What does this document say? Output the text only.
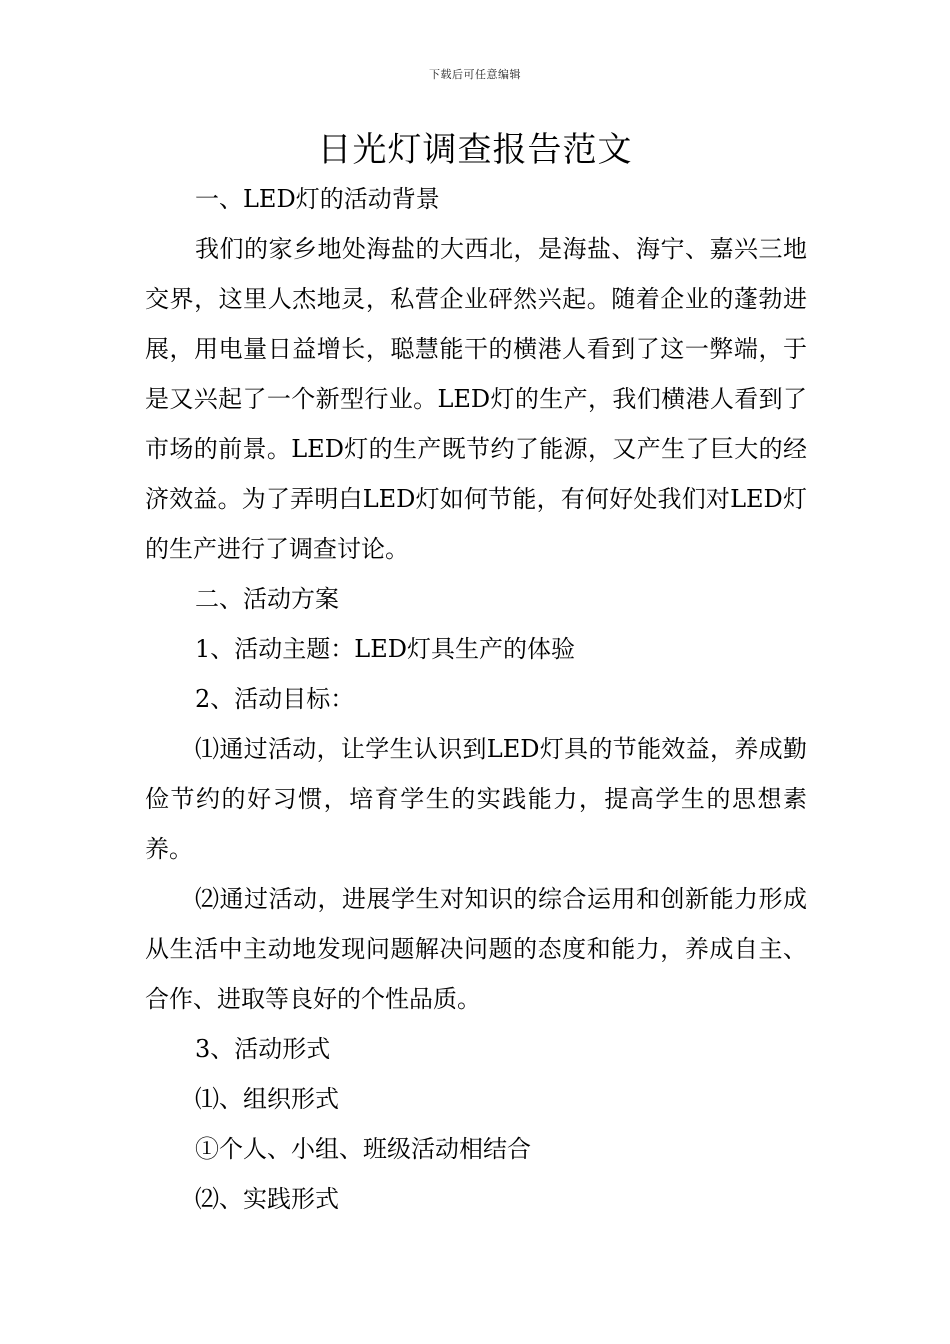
下载后可任意编辑
日光灯调查报告范文

一、LED灯的活动背景

我们的家乡地处海盐的大西北，是海盐、海宁、嘉兴三地交界，这里人杰地灵，私营企业砰然兴起。随着企业的蓬勃进展，用电量日益增长，聪慧能干的横港人看到了这一弊端，于是又兴起了一个新型行业。LED灯的生产，我们横港人看到了市场的前景。LED灯的生产既节约了能源，又产生了巨大的经济效益。为了弄明白LED灯如何节能，有何好处我们对LED灯的生产进行了调查讨论。

二、活动方案

1、活动主题：LED灯具生产的体验

2、活动目标：

⑴通过活动，让学生认识到LED灯具的节能效益，养成勤俭节约的好习惯，培育学生的实践能力，提高学生的思想素养。

⑵通过活动，进展学生对知识的综合运用和创新能力形成从生活中主动地发现问题解决问题的态度和能力，养成自主、合作、进取等良好的个性品质。

3、活动形式

⑴、组织形式

①个人、小组、班级活动相结合

⑵、实践形式
